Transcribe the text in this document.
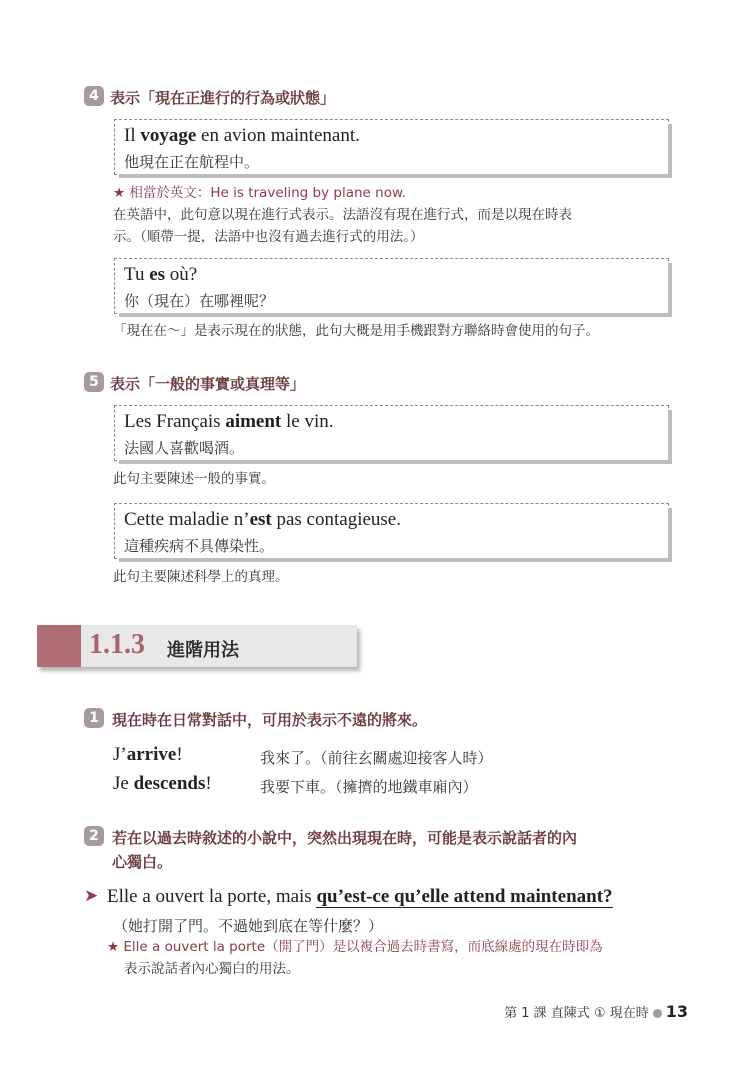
4 表示「現在正進行的行為或狀態」
Il voyage en avion maintenant.
他現在正在航程中。
★ 相當於英文：He is traveling by plane now.
在英語中，此句意以現在進行式表示。法語沒有現在進行式，而是以現在時表
示。（順帶一提，法語中也沒有過去進行式的用法。）
Tu es où?
你（現在）在哪裡呢？
「現在在～」是表示現在的狀態，此句大概是用手機跟對方聯絡時會使用的句子。
5 表示「一般的事實或真理等」
Les Français aiment le vin.
法國人喜歡喝酒。
此句主要陳述一般的事實。
Cette maladie n’est pas contagieuse.
這種疾病不具傳染性。
此句主要陳述科學上的真理。
1.1.3 進階用法
1 現在時在日常對話中，可用於表示不遠的將來。
J’arrive!	我來了。（前往玄關處迎接客人時）
Je descends!	我要下車。（擁擠的地鐵車廂內）
2 若在以過去時敘述的小說中，突然出現現在時，可能是表示說話者的內
心獨白。
➤ Elle a ouvert la porte, mais qu’est-ce qu’elle attend maintenant?
（她打開了門。不過她到底在等什麼？）
★ Elle a ouvert la porte（開了門）是以複合過去時書寫，而底線處的現在時即為
表示說話者內心獨白的用法。
第 1 課 直陳式 ① 現在時 13
